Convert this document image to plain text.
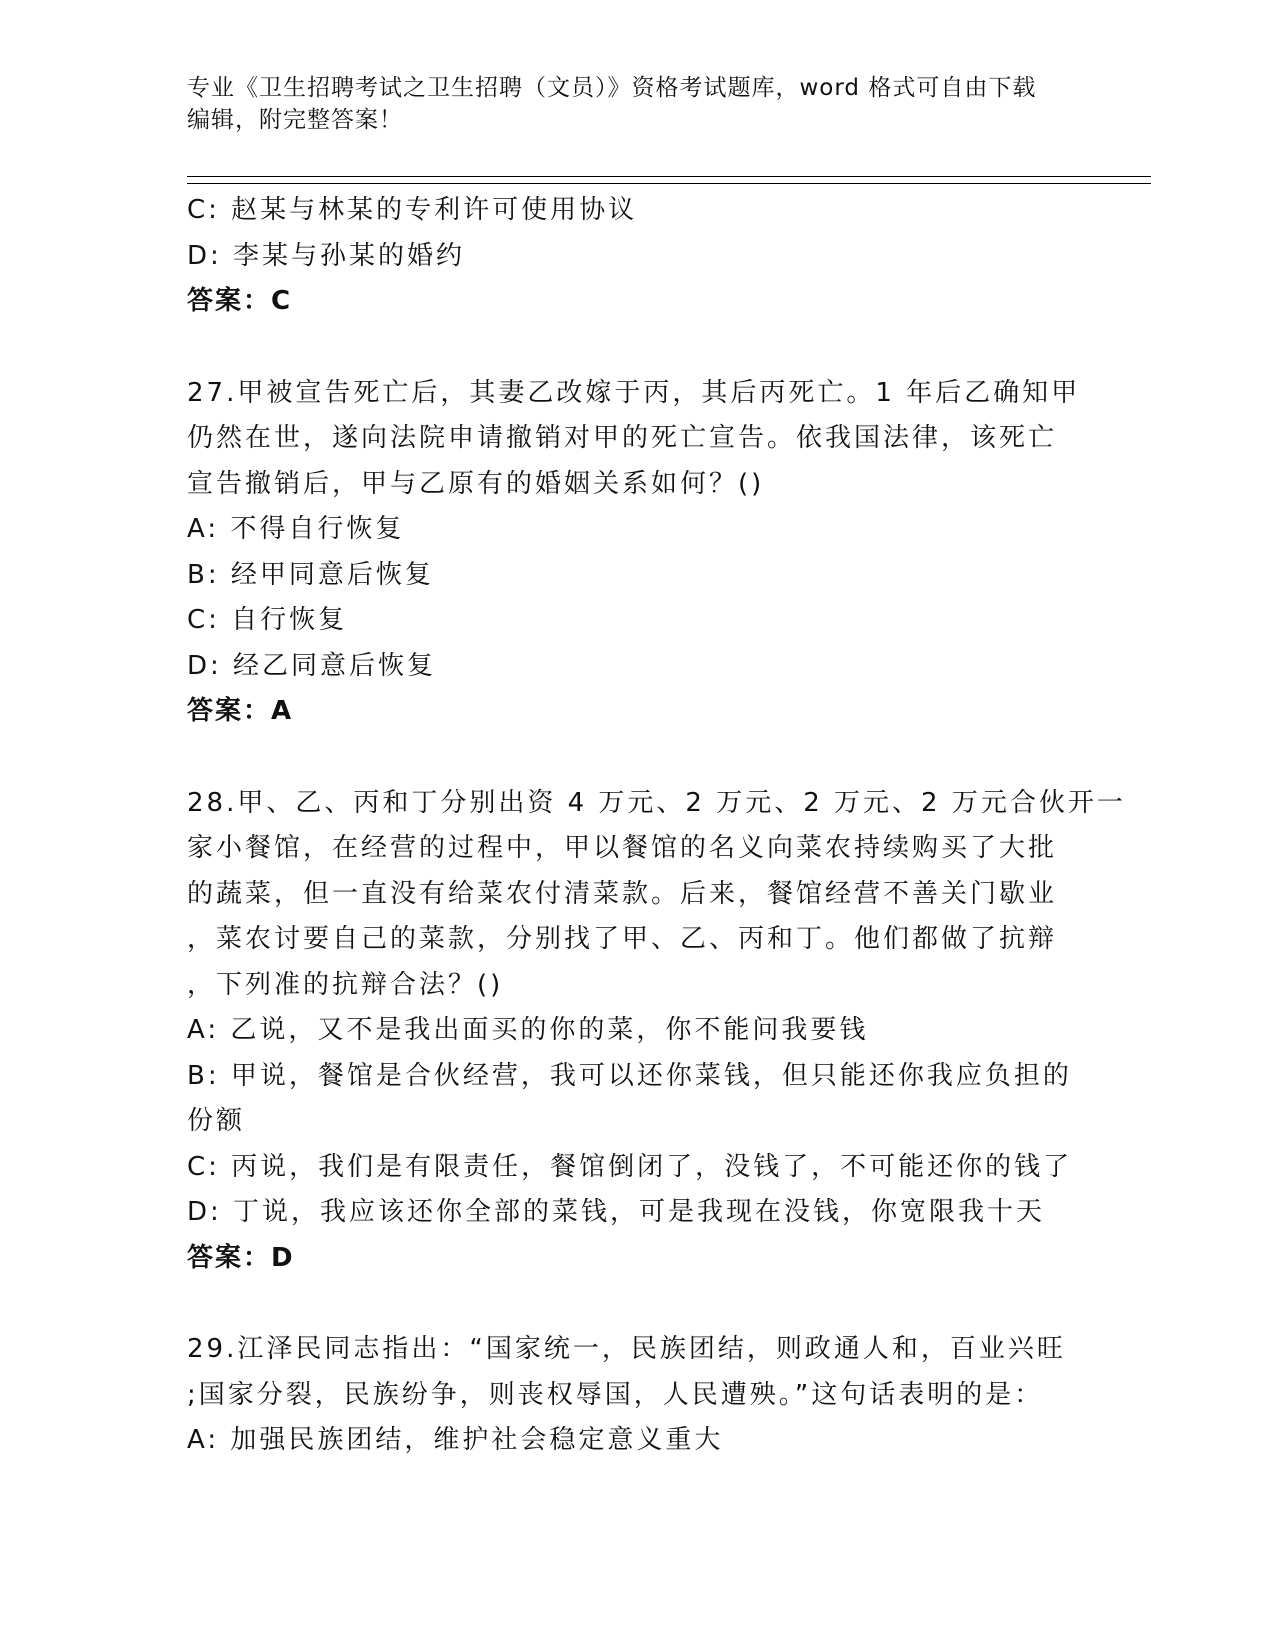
专业《卫生招聘考试之卫生招聘（文员）》资格考试题库，word 格式可自由下载
编辑，附完整答案！
C: 赵某与林某的专利许可使用协议
D: 李某与孙某的婚约
答案：C
27.甲被宣告死亡后，其妻乙改嫁于丙，其后丙死亡。1 年后乙确知甲
仍然在世，遂向法院申请撤销对甲的死亡宣告。依我国法律，该死亡
宣告撤销后，甲与乙原有的婚姻关系如何？()
A: 不得自行恢复
B: 经甲同意后恢复
C: 自行恢复
D: 经乙同意后恢复
答案：A
28.甲、乙、丙和丁分别出资 4 万元、2 万元、2 万元、2 万元合伙开一
家小餐馆，在经营的过程中，甲以餐馆的名义向菜农持续购买了大批
的蔬菜，但一直没有给菜农付清菜款。后来，餐馆经营不善关门歇业
，菜农讨要自己的菜款，分别找了甲、乙、丙和丁。他们都做了抗辩
，下列准的抗辩合法？()
A: 乙说，又不是我出面买的你的菜，你不能问我要钱
B: 甲说，餐馆是合伙经营，我可以还你菜钱，但只能还你我应负担的
份额
C: 丙说，我们是有限责任，餐馆倒闭了，没钱了，不可能还你的钱了
D: 丁说，我应该还你全部的菜钱，可是我现在没钱，你宽限我十天
答案：D
29.江泽民同志指出：“国家统一，民族团结，则政通人和，百业兴旺
;国家分裂，民族纷争，则丧权辱国，人民遭殃。”这句话表明的是：
A: 加强民族团结，维护社会稳定意义重大
